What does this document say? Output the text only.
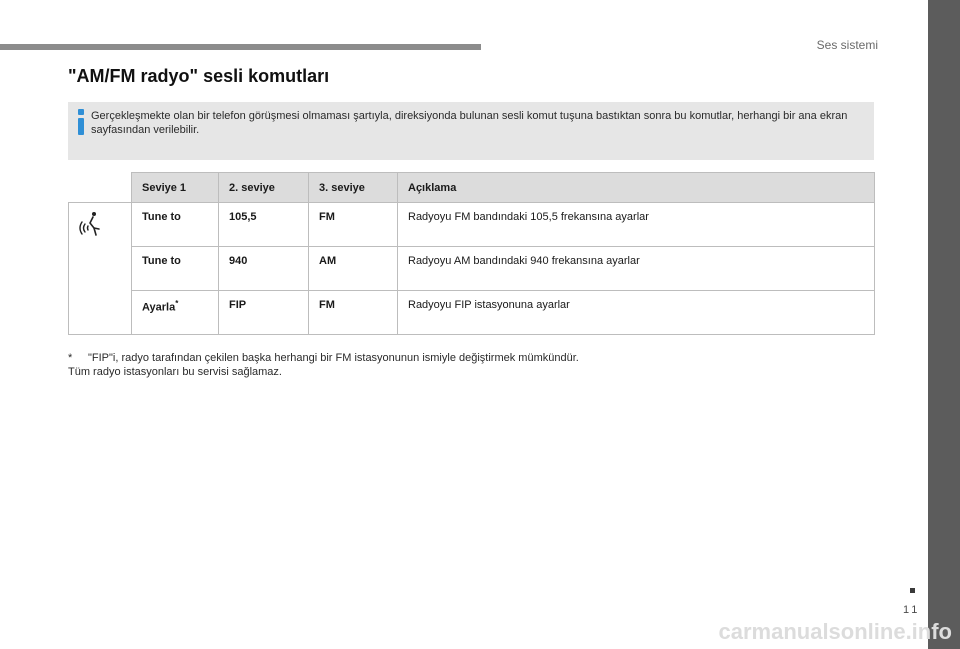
Ses sistemi
11
"AM/FM radyo" sesli komutları
Gerçekleşmekte olan bir telefon görüşmesi olmaması şartıyla, direksiyonda bulunan sesli komut tuşuna bastıktan sonra bu komutlar, herhangi bir ana ekran sayfasından verilebilir.
	Seviye 1	2. seviye	3. seviye	Açıklama
	Tune to	105,5	FM	Radyoyu FM bandındaki 105,5 frekansına ayarlar
	Tune to	940	AM	Radyoyu AM bandındaki 940 frekansına ayarlar
	Ayarla*	FIP	FM	Radyoyu FIP istasyonuna ayarlar
* "FIP"i, radyo tarafından çekilen başka herhangi bir FM istasyonunun ismiyle değiştirmek mümkündür.
Tüm radyo istasyonları bu servisi sağlamaz.
carmanualsonline.info
